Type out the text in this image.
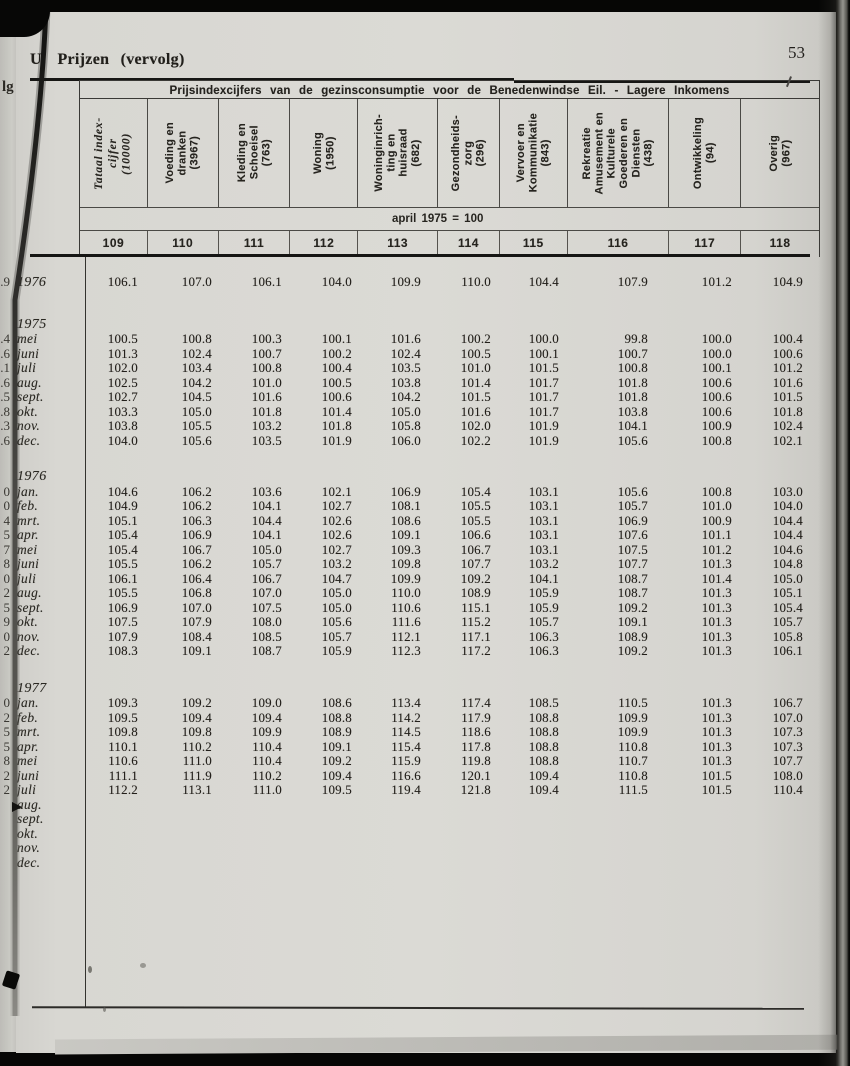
U. Prijzen (vervolg)	53
Prijsindexcijfers van de gezinsconsumptie voor de Benedenwindse Eil. - Lagere Inkomens
Tataal index- cijfer (10000)	Voeding en dranken (3967)	Kleding en Schoeisel (763)	Woning (1950)	Woninginrich- ting en huisraad (682)	Gezondheids- zorg (296)	Vervoer en Kommunikatie (843)	Rekreatie Amusement en Kulturele Goederen en Diensten (438)	Ontwikkeling (94)	Overig (967)
april 1975 = 100
109	110	111	112	113	114	115	116	117	118
.9 1976	106.1	107.0	106.1	104.0	109.9	110.0	104.4	107.9	101.2	104.9
1975
.4 mei	100.5	100.8	100.3	100.1	101.6	100.2	100.0	99.8	100.0	100.4
.6 juni	101.3	102.4	100.7	100.2	102.4	100.5	100.1	100.7	100.0	100.6
.1 juli	102.0	103.4	100.8	100.4	103.5	101.0	101.5	100.8	100.1	101.2
.6 aug.	102.5	104.2	101.0	100.5	103.8	101.4	101.7	101.8	100.6	101.6
.5 sept.	102.7	104.5	101.6	100.6	104.2	101.5	101.7	101.8	100.6	101.5
.8 okt.	103.3	105.0	101.8	101.4	105.0	101.6	101.7	103.8	100.6	101.8
.3 nov.	103.8	105.5	103.2	101.8	105.8	102.0	101.9	104.1	100.9	102.4
.6 dec.	104.0	105.6	103.5	101.9	106.0	102.2	101.9	105.6	100.8	102.1
1976
0 jan.	104.6	106.2	103.6	102.1	106.9	105.4	103.1	105.6	100.8	103.0
0 feb.	104.9	106.2	104.1	102.7	108.1	105.5	103.1	105.7	101.0	104.0
4 mrt.	105.1	106.3	104.4	102.6	108.6	105.5	103.1	106.9	100.9	104.4
5 apr.	105.4	106.9	104.1	102.6	109.1	106.6	103.1	107.6	101.1	104.4
7 mei	105.4	106.7	105.0	102.7	109.3	106.7	103.1	107.5	101.2	104.6
8 juni	105.5	106.2	105.7	103.2	109.8	107.7	103.2	107.7	101.3	104.8
0 juli	106.1	106.4	106.7	104.7	109.9	109.2	104.1	108.7	101.4	105.0
2 aug.	105.5	106.8	107.0	105.0	110.0	108.9	105.9	108.7	101.3	105.1
5 sept.	106.9	107.0	107.5	105.0	110.6	115.1	105.9	109.2	101.3	105.4
9 okt.	107.5	107.9	108.0	105.6	111.6	115.2	105.7	109.1	101.3	105.7
0 nov.	107.9	108.4	108.5	105.7	112.1	117.1	106.3	108.9	101.3	105.8
2 dec.	108.3	109.1	108.7	105.9	112.3	117.2	106.3	109.2	101.3	106.1
1977
0 jan.	109.3	109.2	109.0	108.6	113.4	117.4	108.5	110.5	101.3	106.7
2 feb.	109.5	109.4	109.4	108.8	114.2	117.9	108.8	109.9	101.3	107.0
5 mrt.	109.8	109.8	109.9	108.9	114.5	118.6	108.8	109.9	101.3	107.3
5 apr.	110.1	110.2	110.4	109.1	115.4	117.8	108.8	110.8	101.3	107.3
8 mei	110.6	111.0	110.4	109.2	115.9	119.8	108.8	110.7	101.3	107.7
2 juni	111.1	111.9	110.2	109.4	116.6	120.1	109.4	110.8	101.5	108.0
2 juli	112.2	113.1	111.0	109.5	119.4	121.8	109.4	111.5	101.5	110.4
aug.
sept.
okt.
nov.
dec.
lg
